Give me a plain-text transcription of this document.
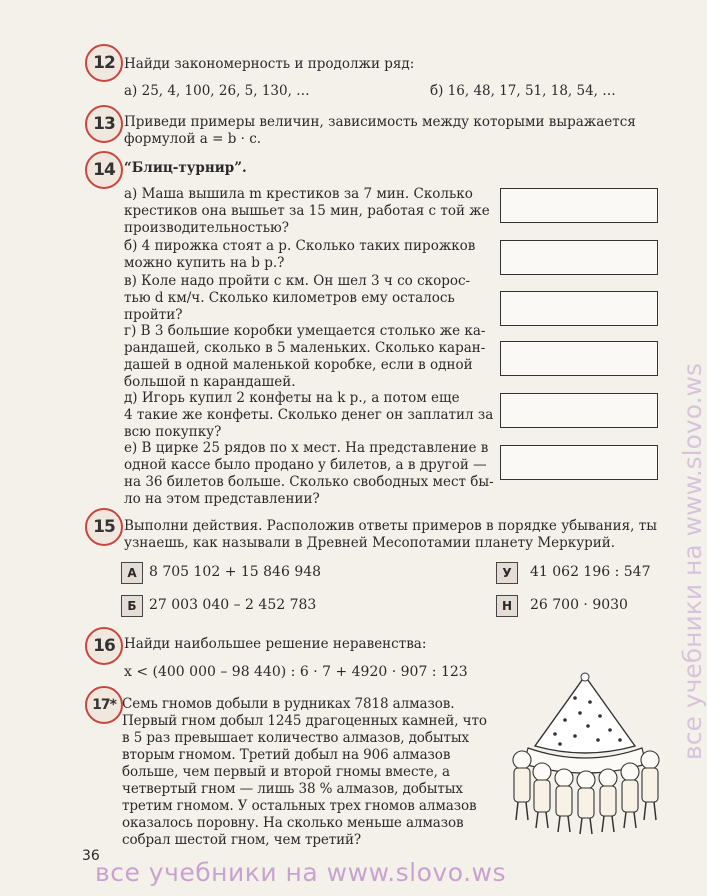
12 Найди закономерность и продолжи ряд:
а) 25, 4, 100, 26, 5, 130, …	б) 16, 48, 17, 51, 18, 54, …
13 Приведи примеры величин, зависимость между которыми выражается
формулой a = b · c.
14 “Блиц-турнир”.
а) Маша вышила m крестиков за 7 мин. Сколько
крестиков она вышьет за 15 мин, работая с той же
производительностью?
б) 4 пирожка стоят a р. Сколько таких пирожков
можно купить на b р.?
в) Коле надо пройти c км. Он шел 3 ч со скорос-
тью d км/ч. Сколько километров ему осталось
пройти?
г) В 3 большие коробки умещается столько же ка-
рандашей, сколько в 5 маленьких. Сколько каран-
дашей в одной маленькой коробке, если в одной
большой n карандашей.
д) Игорь купил 2 конфеты на k р., а потом еще
4 такие же конфеты. Сколько денег он заплатил за
всю покупку?
е) В цирке 25 рядов по x мест. На представление в
одной кассе было продано y билетов, а в другой —
на 36 билетов больше. Сколько свободных мест бы-
ло на этом представлении?
15 Выполни действия. Расположив ответы примеров в порядке убывания, ты
узнаешь, как называли в Древней Месопотамии планету Меркурий.
А 8 705 102 + 15 846 948	У	41 062 196 : 547
Б 27 003 040 – 2 452 783	Н	26 700 · 9030
16 Найди наибольшее решение неравенства:
x < (400 000 – 98 440) : 6 · 7 + 4920 · 907 : 123
17* Семь гномов добыли в рудниках 7818 алмазов.
Первый гном добыл 1245 драгоценных камней, что
в 5 раз превышает количество алмазов, добытых
вторым гномом. Третий добыл на 906 алмазов
больше, чем первый и второй гномы вместе, а
четвертый гном — лишь 38 % алмазов, добытых
третим гномом. У остальных трех гномов алмазов
оказалось поровну. На сколько меньше алмазов
собрал шестой гном, чем третий?
36
все учебники на www.slovo.ws
все учебники на www.slovo.ws
